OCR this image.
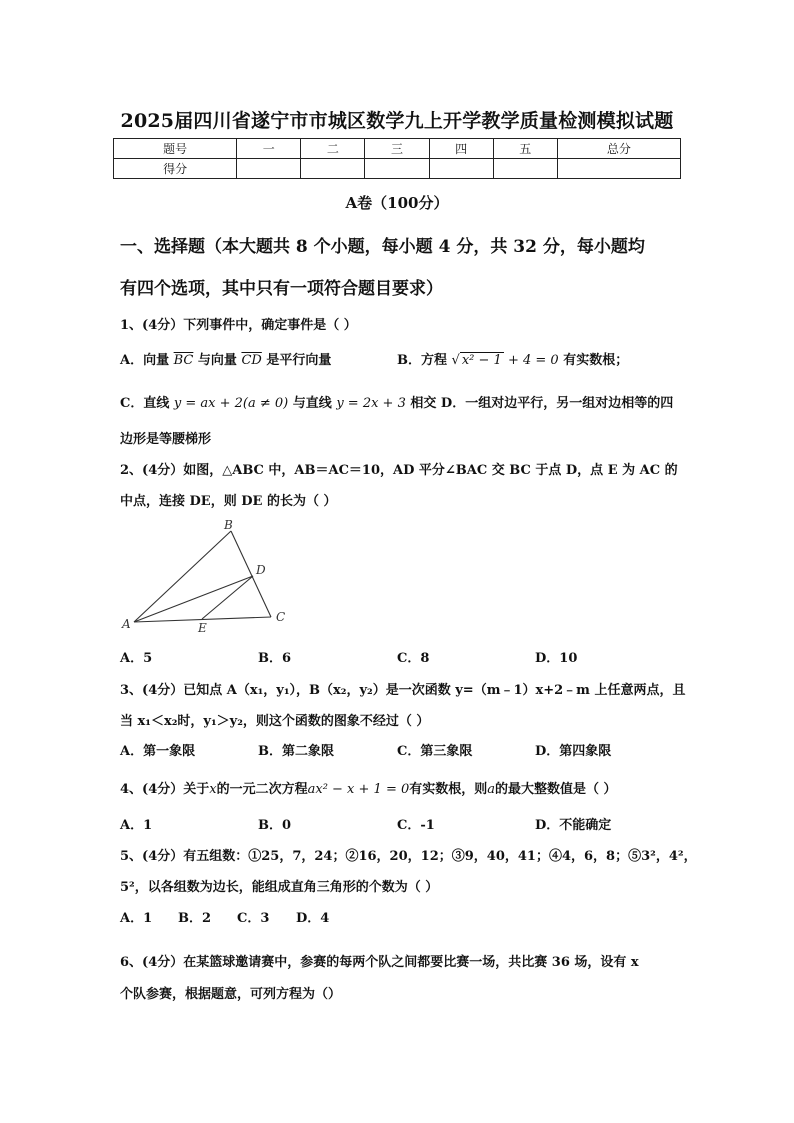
2025届四川省遂宁市市城区数学九上开学教学质量检测模拟试题
题号	一	二	三	四	五	总分
得分						
A卷（100分）
一、选择题（本大题共 8 个小题，每小题 4 分，共 32 分，每小题均
有四个选项，其中只有一项符合题目要求）
1、(4分）下列事件中，确定事件是（ ）
A．向量 $\overline{BC}$ 与向量 $\overline{CD}$ 是平行向量	B．方程 √ x² − 1 + 4 = 0 有实数根；
C．直线 y = ax + 2(a ≠ 0) 与直线 y = 2x + 3 相交 D．一组对边平行，另一组对边相等的四
边形是等腰梯形
2、(4分）如图，△ABC 中，AB＝AC＝10，AD 平分∠BAC 交 BC 于点 D，点 E 为 AC 的
中点，连接 DE，则 DE 的长为（ ）
A
B
C
D
E
A．5	B．6	C．8	D．10
3、(4分）已知点 A（x₁，y₁），B（x₂，y₂）是一次函数 y=（m﹣1）x+2﹣m 上任意两点，且
当 x₁＜x₂时，y₁＞y₂，则这个函数的图象不经过（ ）
A．第一象限	B．第二象限	C．第三象限	D．第四象限
4、(4分）关于x的一元二次方程ax² − x + 1 = 0有实数根，则a的最大整数值是（ ）
A．1	B．0	C．-1	D．不能确定
5、(4分）有五组数：①25，7，24；②16，20，12；③9，40，41；④4，6，8；⑤3²，4²，
5²，以各组数为边长，能组成直角三角形的个数为（ ）
A．1 B．2 C．3 D．4
6、(4分）在某篮球邀请赛中，参赛的每两个队之间都要比赛一场，共比赛 36 场，设有 x
个队参赛，根据题意，可列方程为（）
